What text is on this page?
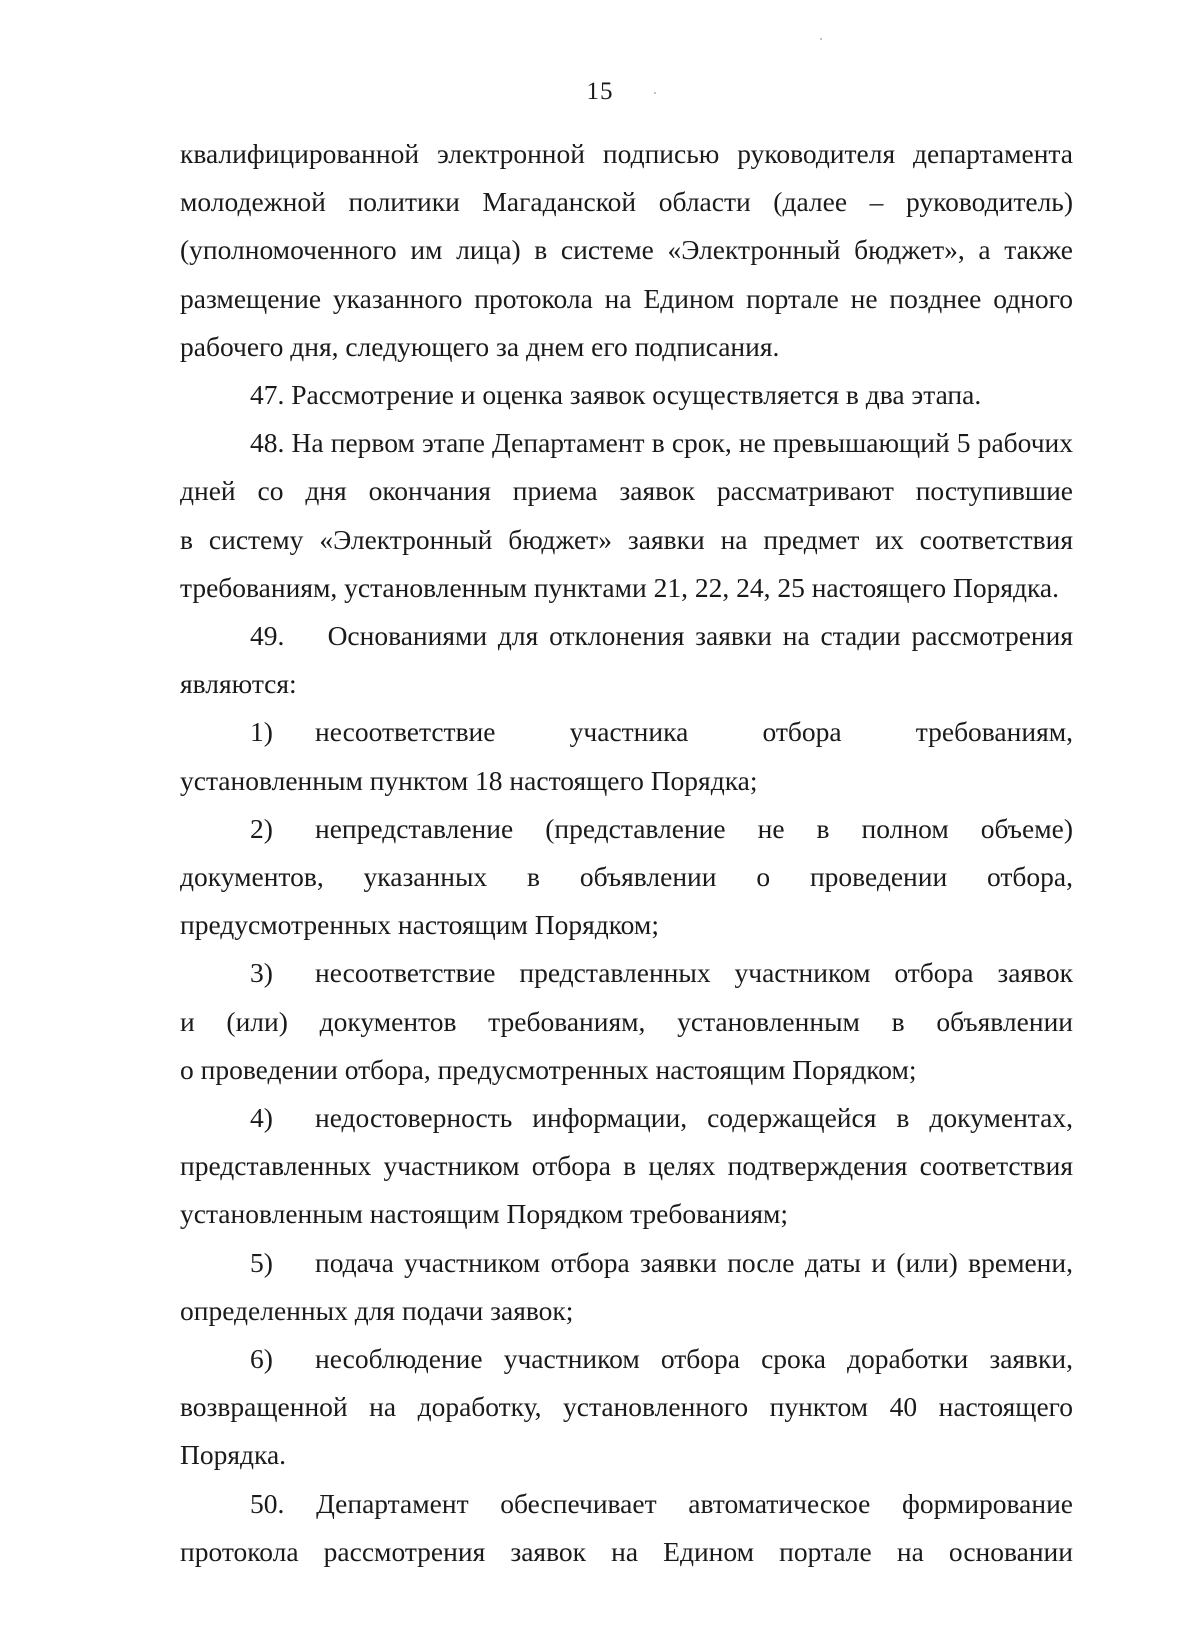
15
квалифицированной электронной подписью руководителя департамента
молодежной политики Магаданской области (далее – руководитель)
(уполномоченного им лица) в системе «Электронный бюджет», а также
размещение указанного протокола на Едином портале не позднее одного
рабочего дня, следующего за днем его подписания.
47. Рассмотрение и оценка заявок осуществляется в два этапа.
48. На первом этапе Департамент в срок, не превышающий 5 рабочих
дней со дня окончания приема заявок рассматривают поступившие
в систему «Электронный бюджет» заявки на предмет их соответствия
требованиям, установленным пунктами 21, 22, 24, 25 настоящего Порядка.
49.    Основаниями для отклонения заявки на стадии рассмотрения
являются:
1)	несоответствие участника отбора требованиям,
установленным пунктом 18 настоящего Порядка;
2)	непредставление (представление не в полном объеме)
документов, указанных в объявлении о проведении отбора,
предусмотренных настоящим Порядком;
3)	несоответствие представленных участником отбора заявок
и (или) документов требованиям, установленным в объявлении
о проведении отбора, предусмотренных настоящим Порядком;
4)	недостоверность информации, содержащейся в документах,
представленных участником отбора в целях подтверждения соответствия
установленным настоящим Порядком требованиям;
5)	подача участником отбора заявки после даты и (или) времени,
определенных для подачи заявок;
6)	несоблюдение участником отбора срока доработки заявки,
возвращенной на доработку, установленного пунктом 40 настоящего
Порядка.
50. Департамент обеспечивает автоматическое формирование
протокола рассмотрения заявок на Едином портале на основании
